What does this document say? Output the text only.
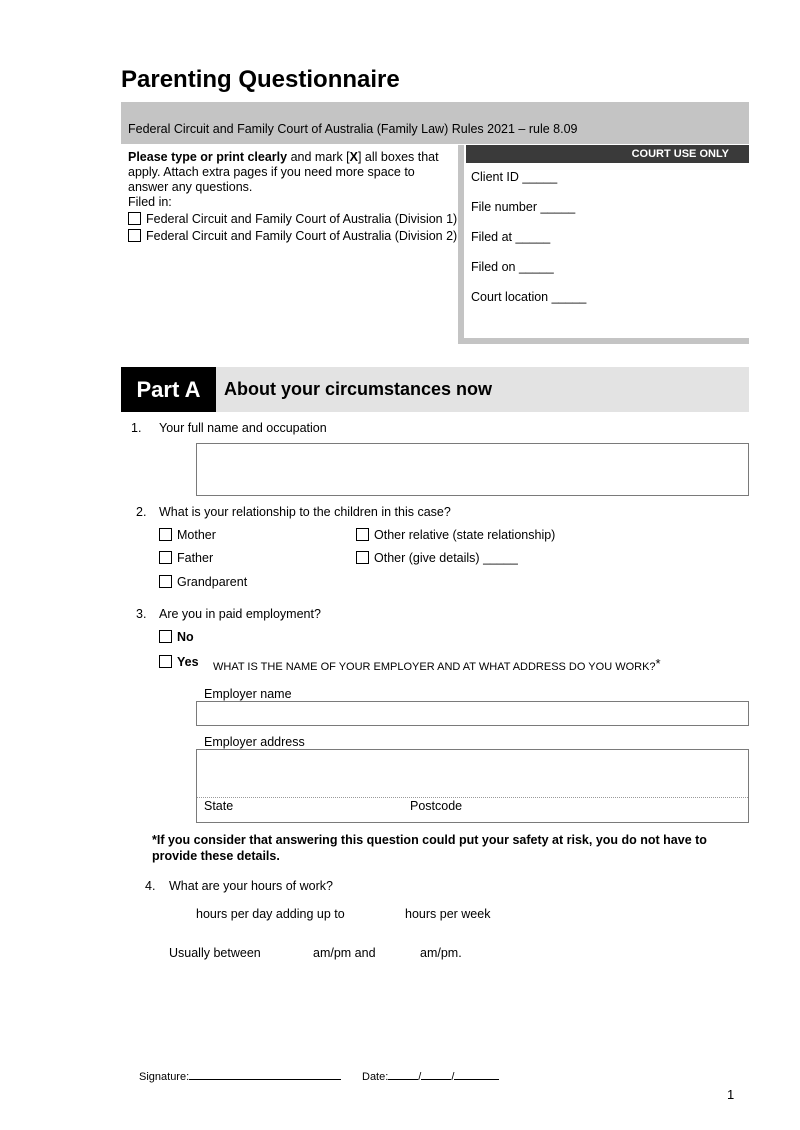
Parenting Questionnaire
Federal Circuit and Family Court of Australia (Family Law) Rules 2021 – rule 8.09
Please type or print clearly and mark [X] all boxes that apply. Attach extra pages if you need more space to answer any questions.
Filed in:

Federal Circuit and Family Court of Australia (Division 1)
Federal Circuit and Family Court of Australia (Division 2)
COURT USE ONLY
Client ID _____
File number _____
Filed at _____
Filed on _____
Court location _____
Part A	About your circumstances now
1. Your full name and occupation
2. What is your relationship to the children in this case?
Mother
Father
Grandparent
Other relative (state relationship)
Other (give details) _____
3. Are you in paid employment?
No
Yes WHAT IS THE NAME OF YOUR EMPLOYER AND AT WHAT ADDRESS DO YOU WORK?*
Employer name
Employer address
State	Postcode
*If you consider that answering this question could put your safety at risk, you do not have to provide these details.
4. What are your hours of work?
hours per day adding up to	hours per week
Usually between	am/pm and	am/pm.
Signature:	Date:	/	/
1
